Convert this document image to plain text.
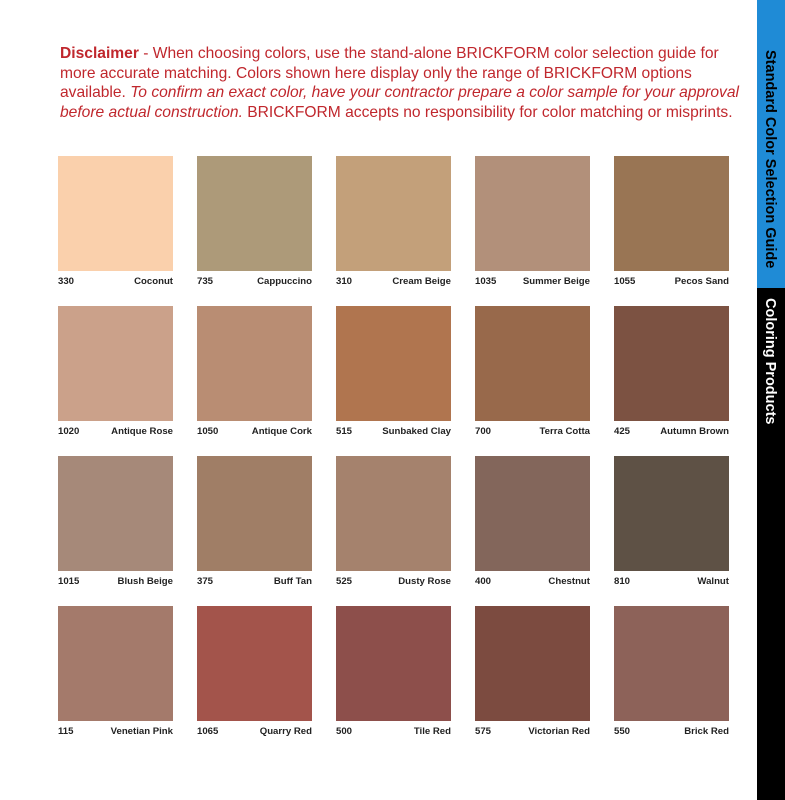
Disclaimer - When choosing colors, use the stand-alone BRICKFORM color selection guide for more accurate matching. Colors shown here display only the range of BRICKFORM options available. To confirm an exact color, have your contractor prepare a color sample for your approval before actual construction. BRICKFORM accepts no responsibility for color matching or misprints.
330	Coconut	735	Cappuccino	310	Cream Beige	1035	Summer Beige	1055	Pecos Sand
1020	Antique Rose	1050	Antique Cork	515	Sunbaked Clay	700	Terra Cotta	425	Autumn Brown
1015	Blush Beige	375	Buff Tan	525	Dusty Rose	400	Chestnut	810	Walnut
115	Venetian Pink	1065	Quarry Red	500	Tile Red	575	Victorian Red	550	Brick Red
Standard Color Selection Guide
Coloring Products
